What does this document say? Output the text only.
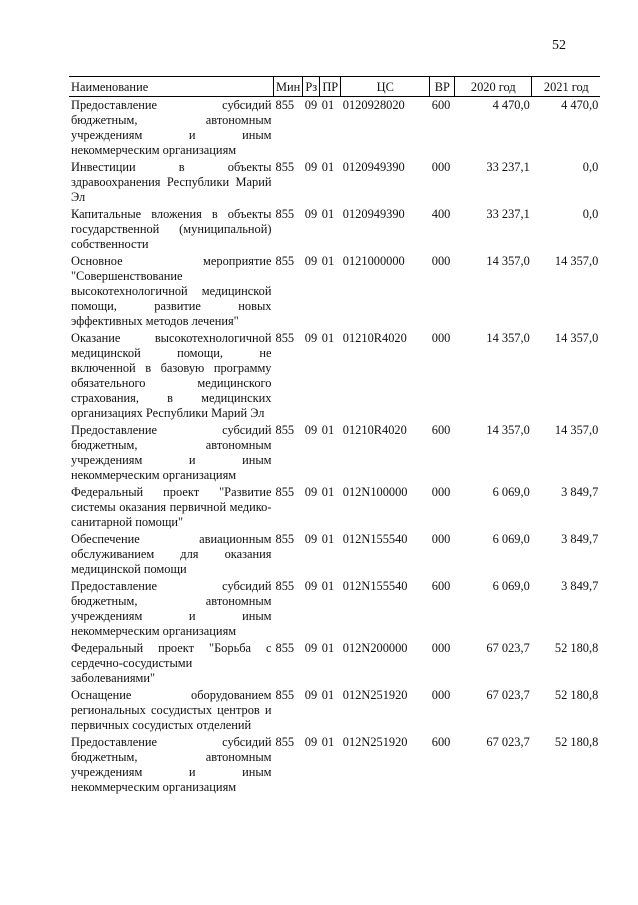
52
Наименование	Мин	Рз	ПР	ЦС	ВР	2020 год	2021 год
Предоставление субсидий бюджетным, автономным учреждениям и иным некоммерческим организациям	855	09	01	0120928020	600	4 470,0	4 470,0
Инвестиции в объекты здравоохранения Республики Марий Эл	855	09	01	0120949390	000	33 237,1	0,0
Капитальные вложения в объекты государственной (муниципальной) собственности	855	09	01	0120949390	400	33 237,1	0,0
Основное мероприятие "Совершенствование высокотехнологичной медицинской помощи, развитие новых эффективных методов лечения"	855	09	01	0121000000	000	14 357,0	14 357,0
Оказание высокотехнологичной медицинской помощи, не включенной в базовую программу обязательного медицинского страхования, в медицинских организациях Республики Марий Эл	855	09	01	01210R4020	000	14 357,0	14 357,0
Предоставление субсидий бюджетным, автономным учреждениям и иным некоммерческим организациям	855	09	01	01210R4020	600	14 357,0	14 357,0
Федеральный проект "Развитие системы оказания первичной медико-санитарной помощи"	855	09	01	012N100000	000	6 069,0	3 849,7
Обеспечение авиационным обслуживанием для оказания медицинской помощи	855	09	01	012N155540	000	6 069,0	3 849,7
Предоставление субсидий бюджетным, автономным учреждениям и иным некоммерческим организациям	855	09	01	012N155540	600	6 069,0	3 849,7
Федеральный проект "Борьба с сердечно-сосудистыми заболеваниями"	855	09	01	012N200000	000	67 023,7	52 180,8
Оснащение оборудованием региональных сосудистых центров и первичных сосудистых отделений	855	09	01	012N251920	000	67 023,7	52 180,8
Предоставление субсидий бюджетным, автономным учреждениям и иным некоммерческим организациям	855	09	01	012N251920	600	67 023,7	52 180,8
